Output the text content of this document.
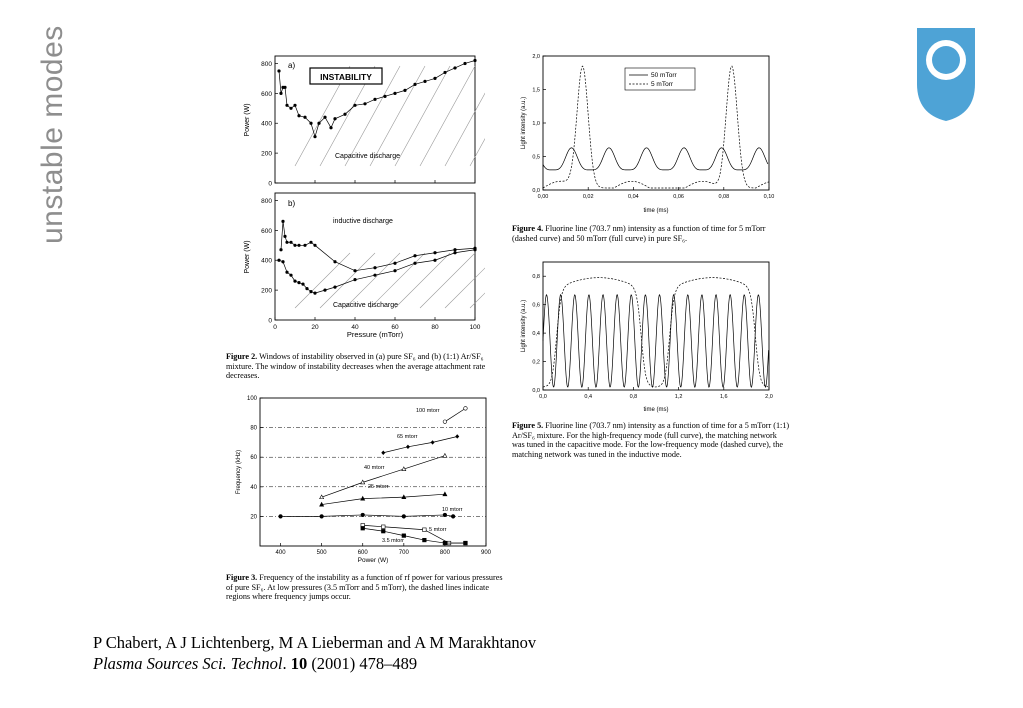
unstable modes	0
200
400
600
800
0
200
400
600
800
0	20	40	60	80	100
INSTABILITY
a)
Capacitive discharge
b)
inductive discharge
Capacitive discharge
Power (W)
Power (W)
Pressure (mTorr)
Figure 2. Windows of instability observed in (a) pure SF₆ and (b) (1:1) Ar/SF₆ mixture. The window of instability decreases when the average attachment rate decreases.
20
40
60
80
100
400	500	600	700	800	900
100 mtorr
65 mtorr
40 mtorr
25 mtorr
10 mtorr
5 mtorr
3.5 mtorr
Frequency (kHz)
Power (W)
Figure 3. Frequency of the instability as a function of rf power for various pressures of pure SF₆. At low pressures (3.5 mTorr and 5 mTorr), the dashed lines indicate regions where frequency jumps occur.
0,0
0,5
1,0
1,5
2,0
0,00	0,02	0,04	0,06	0,08	0,10
50 mTorr
5 mTorr
Light intensity (a.u.)
time (ms)
Figure 4. Fluorine line (703.7 nm) intensity as a function of time for 5 mTorr (dashed curve) and 50 mTorr (full curve) in pure SF₆.
0,0
0,2
0,4
0,6
0,8
0,0	0,4	0,8	1,2	1,6	2,0
Light intensity (a.u.)
time (ms)
Figure 5. Fluorine line (703.7 nm) intensity as a function of time for a 5 mTorr (1:1) Ar/SF₆ mixture. For the high-frequency mode (full curve), the matching network was tuned in the capacitive mode. For the low-frequency mode (dashed curve), the matching network was tuned in the inductive mode.
P Chabert, A J Lichtenberg, M A Lieberman and A M Marakhtanov
Plasma Sources Sci. Technol. 10 (2001) 478–489
